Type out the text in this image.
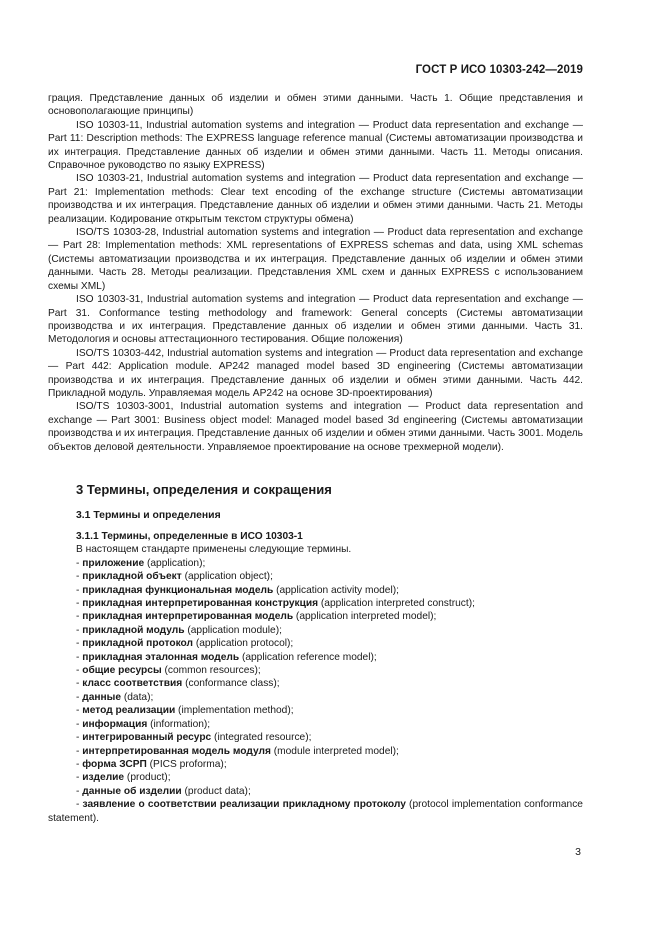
ГОСТ Р ИСО 10303-242—2019

грация. Представление данных об изделии и обмен этими данными. Часть 1. Общие представления и основополагающие принципы)

ISO 10303-11, Industrial automation systems and integration — Product data representation and exchange — Part 11: Description methods: The EXPRESS language reference manual (Системы автоматизации производства и их интеграция. Представление данных об изделии и обмен этими данными. Часть 11. Методы описания. Справочное руководство по языку EXPRESS)

ISO 10303-21, Industrial automation systems and integration — Product data representation and exchange — Part 21: Implementation methods: Clear text encoding of the exchange structure (Системы автоматизации производства и их интеграция. Представление данных об изделии и обмен этими данными. Часть 21. Методы реализации. Кодирование открытым текстом структуры обмена)

ISO/TS 10303-28, Industrial automation systems and integration — Product data representation and exchange — Part 28: Implementation methods: XML representations of EXPRESS schemas and data, using XML schemas (Системы автоматизации производства и их интеграция. Представление данных об изделии и обмен этими данными. Часть 28. Методы реализации. Представления XML схем и данных EXPRESS с использованием схемы XML)

ISO 10303-31, Industrial automation systems and integration — Product data representation and exchange — Part 31. Conformance testing methodology and framework: General concepts (Системы автоматизации производства и их интеграция. Представление данных об изделии и обмен этими данными. Часть 31. Методология и основы аттестационного тестирования. Общие положения)

ISO/TS 10303-442, Industrial automation systems and integration — Product data representation and exchange — Part 442: Application module. AP242 managed model based 3D engineering (Системы автоматизации производства и их интеграция. Представление данных об изделии и обмен этими данными. Часть 442. Прикладной модуль. Управляемая модель AP242 на основе 3D-проектирования)

ISO/TS 10303-3001, Industrial automation systems and integration — Product data representation and exchange — Part 3001: Business object model: Managed model based 3d engineering (Системы автоматизации производства и их интеграция. Представление данных об изделии и обмен этими данными. Часть 3001. Модель объектов деловой деятельности. Управляемое проектирование на основе трехмерной модели).

3 Термины, определения и сокращения
3.1 Термины и определения

3.1.1 Термины, определенные в ИСО 10303-1

В настоящем стандарте применены следующие термины.

- приложение (application);

- прикладной объект (application object);

- прикладная функциональная модель (application activity model);

- прикладная интерпретированная конструкция (application interpreted construct);

- прикладная интерпретированная модель (application interpreted model);

- прикладной модуль (application module);

- прикладной протокол (application protocol);

- прикладная эталонная модель (application reference model);

- общие ресурсы (common resources);

- класс соответствия (conformance class);

- данные (data);

- метод реализации (implementation method);

- информация (information);

- интегрированный ресурс (integrated resource);

- интерпретированная модель модуля (module interpreted model);

- форма ЗСРП (PICS proforma);

- изделие (product);

- данные об изделии (product data);

- заявление о соответствии реализации прикладному протоколу (protocol implementation conformance statement).

3
